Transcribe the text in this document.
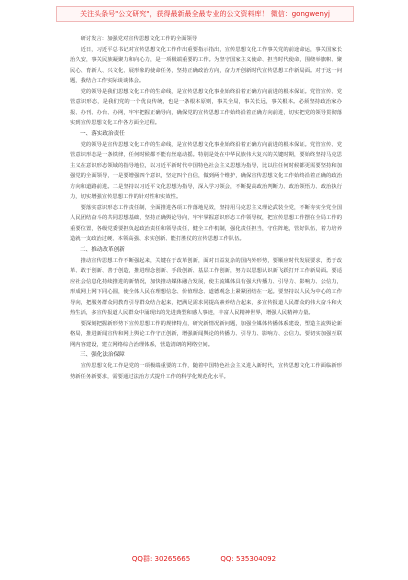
关注头条号"公文研究"，获得最新最全最专业的公文资料库！ 微信：gongwenyj

研讨发言：加强党对宣传思想文化工作的全面领导

近日，习近平总书记对宣传思想文化工作作出重要指示指出，宣传思想文化工作事关党的前途命运，事关国家长治久安，事关民族凝聚力和向心力，是一项极端重要的工作。为坚守国家主义使命、担当时代使命，围绕举旗帜、聚民心、育新人、兴文化、展形象的使命任务，坚持正确政治方向，奋力开创新时代宣传思想工作新局面。对于这一问题，我结合工作实际谈谈体会。

党的领导是我们思想文化工作的生命线，是宣传思想文化事业始终沿着正确方向前进的根本保证。党管宣传、党管意识形态，是我们党的一个优良传统，也是一条根本原则，事关全局，事关长远，事关根本。必须坚持政治家办报、办刊、办台、办网，牢牢把握正确导向，确保党的宣传思想工作始终沿着正确方向前进，切实把党的领导贯彻落实到宣传思想文化工作各方面全过程。

一、落实政治责任

党的领导是宣传思想文化工作的生命线，是宣传思想文化事业始终沿着正确方向前进的根本保证。党管宣传、党管意识形态是一条铁律，任何时候都不能有丝毫动摇。特别是处在中华民族伟大复兴的关键时期，要始终坚持马克思主义在意识形态领域的指导地位，以习近平新时代中国特色社会主义思想为指导，比以往任何时候都更需要坚持和加强党的全面领导，一是要增强四个意识，坚定四个自信，做到两个维护，确保宣传思想文化工作始终沿着正确的政治方向和道路前进。二是坚持以习近平文化思想为指导，深入学习领会，不断提高政治判断力、政治领悟力、政治执行力，切实增强宣传思想工作的针对性和实效性。

要落实意识形态工作责任制，全面推进各项工作落地见效，坚持用马克思主义理论武装全党，不断夯实全党全国人民团结奋斗的共同思想基础，坚持正确舆论导向，牢牢掌握意识形态工作领导权，把宣传思想工作摆在全局工作的重要位置，各级党委要担负起政治责任和领导责任，健全工作机制，强化责任担当，守住阵地，管好队伍，着力培养造就一支政治过硬、本领高强、求实创新、能打胜仗的宣传思想工作队伍。

二、推动改革创新

推动宣传思想工作不断强起来，关键在于改革创新，面对日益复杂的国内外形势，要顺应时代发展要求，勇于改革、敢于创新、善于创造，推进理念创新、手段创新、基层工作创新，努力以思想认识新飞跃打开工作新局面。要适应社会信息化持续推进的新情况，加快推动媒体融合发展，使主流媒体具有强大传播力、引导力、影响力、公信力，形成网上网下同心圆，使全体人民在理想信念、价值理念、道德观念上紧紧团结在一起。要坚持以人民为中心的工作导向，把服务群众同教育引导群众结合起来，把满足需求同提高素养结合起来，多宣传报道人民群众的伟大奋斗和火热生活，多宣传报道人民群众中涌现出的先进典型和感人事迹，丰富人民精神世界，增强人民精神力量。

要深刻把握新形势下宣传思想工作的规律特点，研究新情况新问题，加强全媒体传播体系建设，塑造主流舆论新格局，推进新闻宣传和网上舆论工作守正创新，增强新闻舆论的传播力、引导力、影响力、公信力。要切实加强互联网内容建设，建立网络综合治理体系，营造清朗的网络空间。

三、强化法治保障

宣传思想文化工作是党的一项极端重要的工作，随着中国特色社会主义进入新时代，宣传思想文化工作面临新形势新任务新要求，需要通过法治方式提升工作的科学化规范化水平。

QQ群: 30265665	QQ: 535304092
